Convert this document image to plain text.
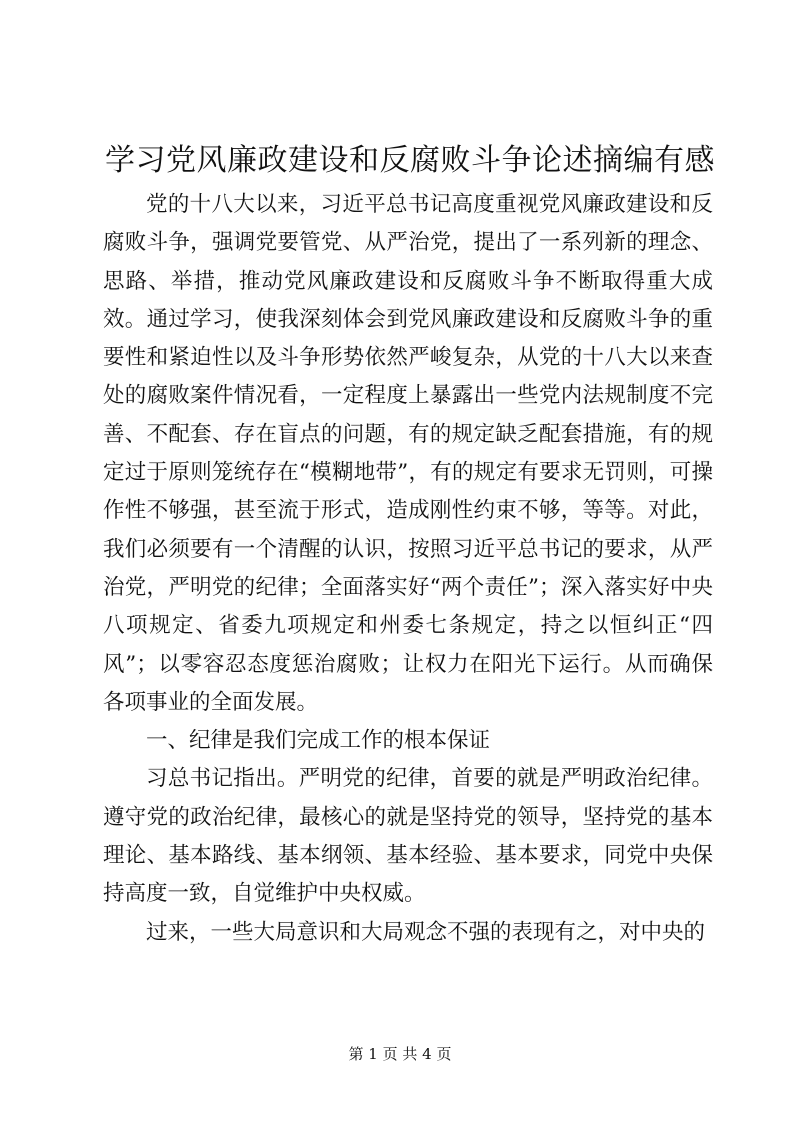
学习党风廉政建设和反腐败斗争论述摘编有感

党的十八大以来，习近平总书记高度重视党风廉政建设和反腐败斗争，强调党要管党、从严治党，提出了一系列新的理念、思路、举措，推动党风廉政建设和反腐败斗争不断取得重大成效。通过学习，使我深刻体会到党风廉政建设和反腐败斗争的重要性和紧迫性以及斗争形势依然严峻复杂，从党的十八大以来查处的腐败案件情况看，一定程度上暴露出一些党内法规制度不完善、不配套、存在盲点的问题，有的规定缺乏配套措施，有的规定过于原则笼统存在“模糊地带”，有的规定有要求无罚则，可操作性不够强，甚至流于形式，造成刚性约束不够，等等。对此，我们必须要有一个清醒的认识，按照习近平总书记的要求，从严治党，严明党的纪律；全面落实好“两个责任”；深入落实好中央八项规定、省委九项规定和州委七条规定，持之以恒纠正“四风”；以零容忍态度惩治腐败；让权力在阳光下运行。从而确保各项事业的全面发展。

一、纪律是我们完成工作的根本保证

习总书记指出。严明党的纪律，首要的就是严明政治纪律。遵守党的政治纪律，最核心的就是坚持党的领导，坚持党的基本理论、基本路线、基本纲领、基本经验、基本要求，同党中央保持高度一致，自觉维护中央权威。

过来，一些大局意识和大局观念不强的表现有之，对中央的

第 1 页 共 4 页
